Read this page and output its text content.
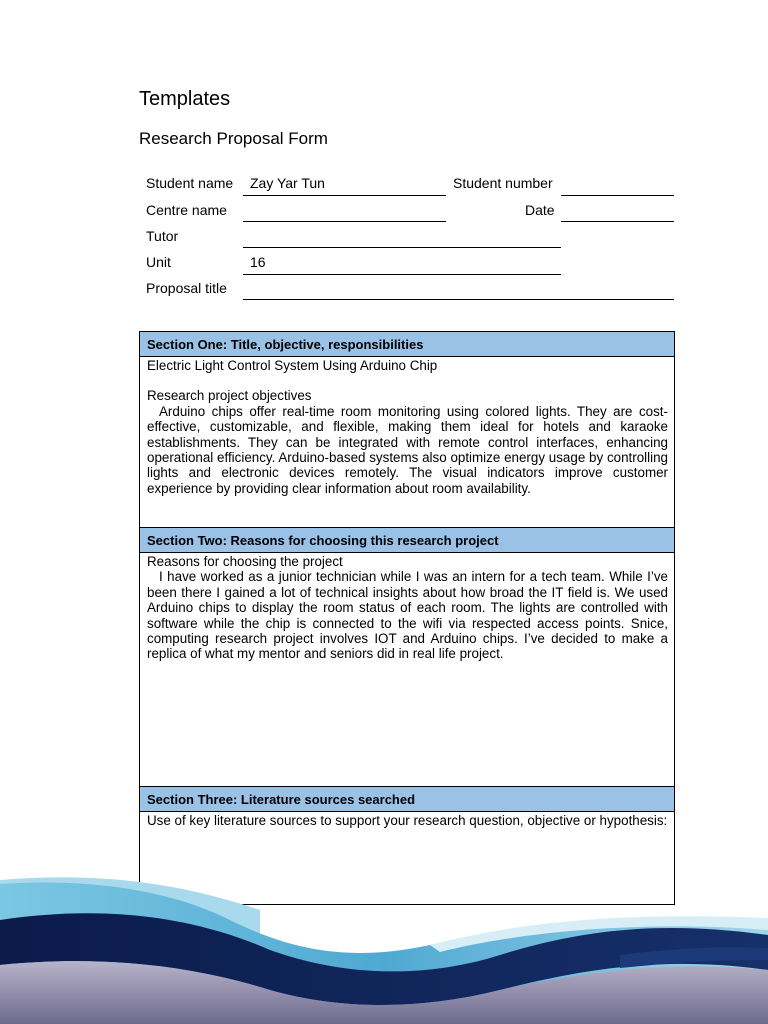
Templates
Research Proposal Form
Student name Zay Yar Tun	Student number
Centre name	Date
Tutor
Unit	16
Proposal title
Section One: Title, objective, responsibilities

Electric Light Control System Using Arduino Chip

Research project objectives

Arduino chips offer real-time room monitoring using colored lights. They are cost-effective, customizable, and flexible, making them ideal for hotels and karaoke establishments. They can be integrated with remote control interfaces, enhancing operational efficiency. Arduino-based systems also optimize energy usage by controlling lights and electronic devices remotely. The visual indicators improve customer experience by providing clear information about room availability.

Section Two: Reasons for choosing this research project

Reasons for choosing the project

I have worked as a junior technician while I was an intern for a tech team. While I’ve been there I gained a lot of technical insights about how broad the IT field is. We used Arduino chips to display the room status of each room. The lights are controlled with software while the chip is connected to the wifi via respected access points. Snice, computing research project involves IOT and Arduino chips. I’ve decided to make a replica of what my mentor and seniors did in real life project.

Section Three: Literature sources searched

Use of key literature sources to support your research question, objective or hypothesis:
